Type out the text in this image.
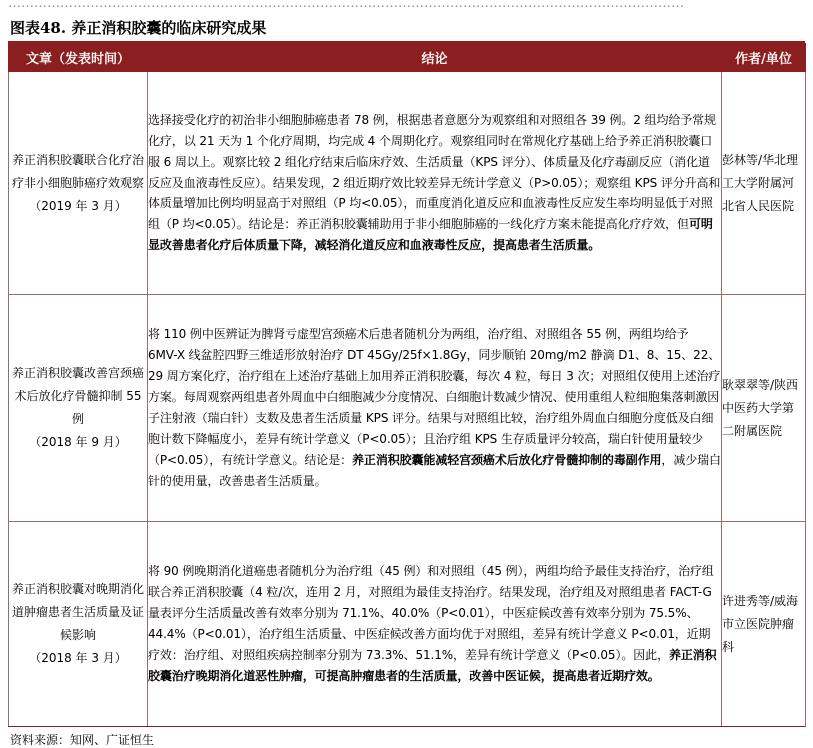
…………………………………………………………………………………………………………………………………………
图表48. 养正消积胶囊的临床研究成果
文章（发表时间）	结论	作者/单位
养正消积胶囊联合化疗治疗非小细胞肺癌疗效观察
（2019 年 3 月）	选择接受化疗的初治非小细胞肺癌患者 78 例，根据患者意愿分为观察组和对照组各 39 例。2 组均给予常规化疗，以 21 天为 1 个化疗周期，均完成 4 个周期化疗。观察组同时在常规化疗基础上给予养正消积胶囊口服 6 周以上。观察比较 2 组化疗结束后临床疗效、生活质量（KPS 评分）、体质量及化疗毒副反应（消化道反应及血液毒性反应）。结果发现，2 组近期疗效比较差异无统计学意义（P>0.05）；观察组 KPS 评分升高和体质量增加比例均明显高于对照组（P 均<0.05），而重度消化道反应和血液毒性反应发生率均明显低于对照组（P 均<0.05）。结论是：养正消积胶囊辅助用于非小细胞肺癌的一线化疗方案未能提高化疗疗效，但可明显改善患者化疗后体质量下降，减轻消化道反应和血液毒性反应，提高患者生活质量。	彭林等/华北理工大学附属河北省人民医院
养正消积胶囊改善宫颈癌术后放化疗骨髓抑制 55 例
（2018 年 9 月）	将 110 例中医辨证为脾肾亏虚型宫颈癌术后患者随机分为两组，治疗组、对照组各 55 例，两组均给予 6MV-X 线盆腔四野三维适形放射治疗 DT 45Gy/25f×1.8Gy，同步顺铂 20mg/m2 静滴 D1、8、15、22、29 周方案化疗，治疗组在上述治疗基础上加用养正消积胶囊，每次 4 粒，每日 3 次；对照组仅使用上述治疗方案。每周观察两组患者外周血中白细胞减少分度情况、白细胞计数减少情况、使用重组人粒细胞集落刺激因子注射液（瑞白针）支数及患者生活质量 KPS 评分。结果与对照组比较，治疗组外周血白细胞分度低及白细胞计数下降幅度小，差异有统计学意义（P<0.05）；且治疗组 KPS 生存质量评分较高，瑞白针使用量较少（P<0.05），有统计学意义。结论是：养正消积胶囊能减轻宫颈癌术后放化疗骨髓抑制的毒副作用，减少瑞白针的使用量，改善患者生活质量。	耿翠翠等/陕西中医药大学第二附属医院
养正消积胶囊对晚期消化道肿瘤患者生活质量及证候影响
（2018 年 3 月）	将 90 例晚期消化道癌患者随机分为治疗组（45 例）和对照组（45 例），两组均给予最佳支持治疗，治疗组联合养正消积胶囊（4 粒/次，连用 2 月，对照组为最佳支持治疗。结果发现，治疗组及对照组患者 FACT-G 量表评分生活质量改善有效率分别为 71.1%、40.0%（P<0.01），中医症候改善有效率分别为 75.5%、44.4%（P<0.01），治疗组生活质量、中医症候改善方面均优于对照组，差异有统计学意义 P<0.01，近期疗效：治疗组、对照组疾病控制率分别为 73.3%、51.1%，差异有统计学意义（P<0.05）。因此，养正消积胶囊治疗晚期消化道恶性肿瘤，可提高肿瘤患者的生活质量，改善中医证候，提高患者近期疗效。	许进秀等/威海市立医院肿瘤科
资料来源：知网、广证恒生
